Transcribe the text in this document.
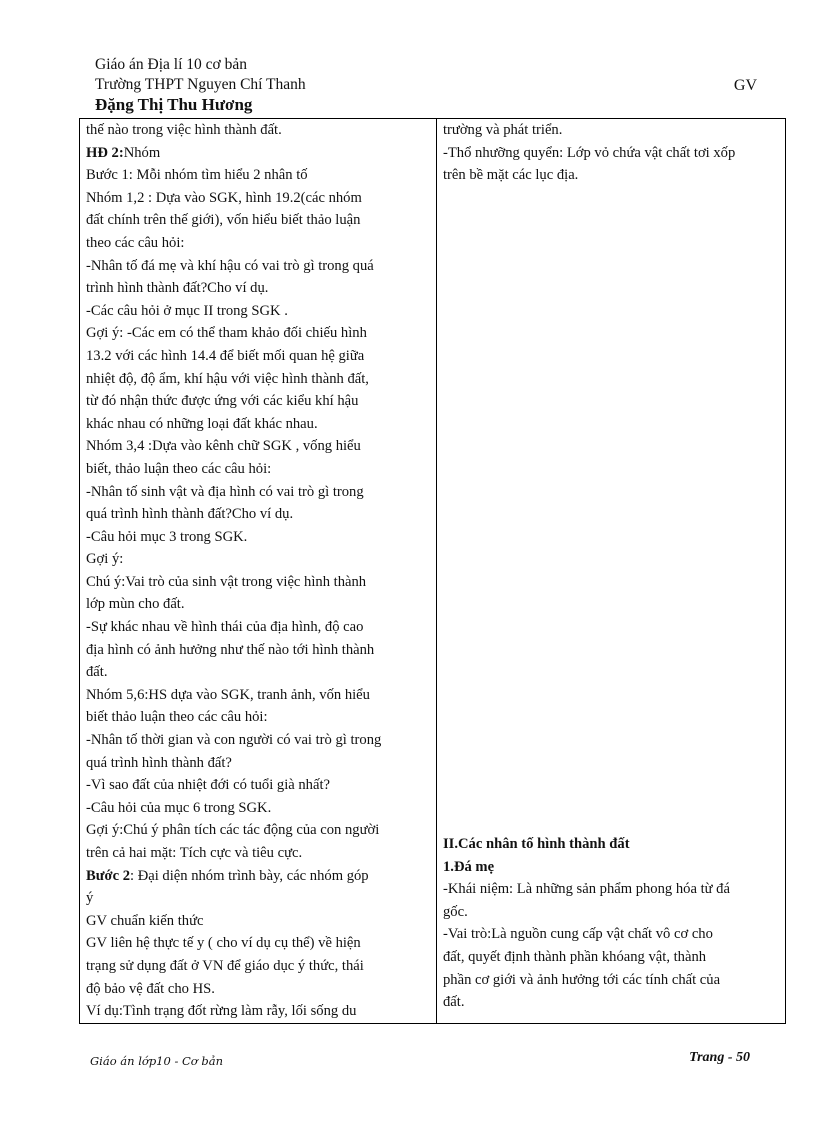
Giáo án Địa lí 10 cơ bản
Trường THPT Nguyen Chí Thanh
Đặng Thị Thu Hương
GV
thế nào trong việc hình thành đất.
HĐ 2:Nhóm
Bước 1: Mỗi nhóm tìm hiểu 2 nhân tố
Nhóm 1,2 : Dựa vào SGK, hình 19.2(các nhóm
đất chính trên thế giới), vốn hiểu biết thảo luận
theo các câu hỏi:
-Nhân tố đá mẹ và khí hậu có vai trò gì trong quá
trình hình thành đất?Cho ví dụ.
-Các câu hỏi ở mục II trong SGK .
Gợi ý: -Các em có thể tham khảo đối chiếu hình
13.2 với các hình 14.4 để biết mối quan hệ giữa
nhiệt độ, độ ẩm, khí hậu với việc hình thành đất,
từ đó nhận thức được ứng với các kiểu khí hậu
khác nhau có những loại đất khác nhau.
Nhóm 3,4 :Dựa vào kênh chữ SGK , vống hiểu
biết, thảo luận theo các câu hỏi:
-Nhân tố sinh vật và địa hình có vai trò gì trong
quá trình hình thành đất?Cho ví dụ.
-Câu hỏi mục 3 trong SGK.
Gợi ý:
Chú ý:Vai trò của sinh vật trong việc hình thành
lớp mùn cho đất.
-Sự khác nhau về hình thái của địa hình, độ cao
địa hình có ảnh hưởng như thế nào tới hình thành
đất.
Nhóm 5,6:HS dựa vào SGK, tranh ảnh, vốn hiểu
biết thảo luận theo các câu hỏi:
-Nhân tố thời gian và con người có vai trò gì trong
quá trình hình thành đất?
-Vì sao đất của nhiệt đới có tuổi già nhất?
-Câu hỏi của mục 6 trong SGK.
Gợi ý:Chú ý phân tích các tác động của con người
trên cả hai mặt: Tích cực và tiêu cực.
Bước 2: Đại diện nhóm trình bày, các nhóm góp
ý
GV chuẩn kiến thức
GV liên hệ thực tế y ( cho ví dụ cụ thể) về hiện
trạng sử dụng đất ở VN để giáo dục ý thức, thái
độ bảo vệ đất cho HS.
Ví dụ:Tình trạng đốt rừng làm rẫy, lối sống du

trường và phát triển.
-Thổ nhưỡng quyển: Lớp vỏ chứa vật chất tơi xốp
trên bề mặt các lục địa.
II.Các nhân tố hình thành đất
1.Đá mẹ
-Khái niệm: Là những sản phẩm phong hóa từ đá
gốc.
-Vai trò:Là nguồn cung cấp vật chất vô cơ cho
đất, quyết định thành phần khóang vật, thành
phần cơ giới và ảnh hưởng tới các tính chất của
đất.
Giáo án lớp10 - Cơ bản	Trang - 50
